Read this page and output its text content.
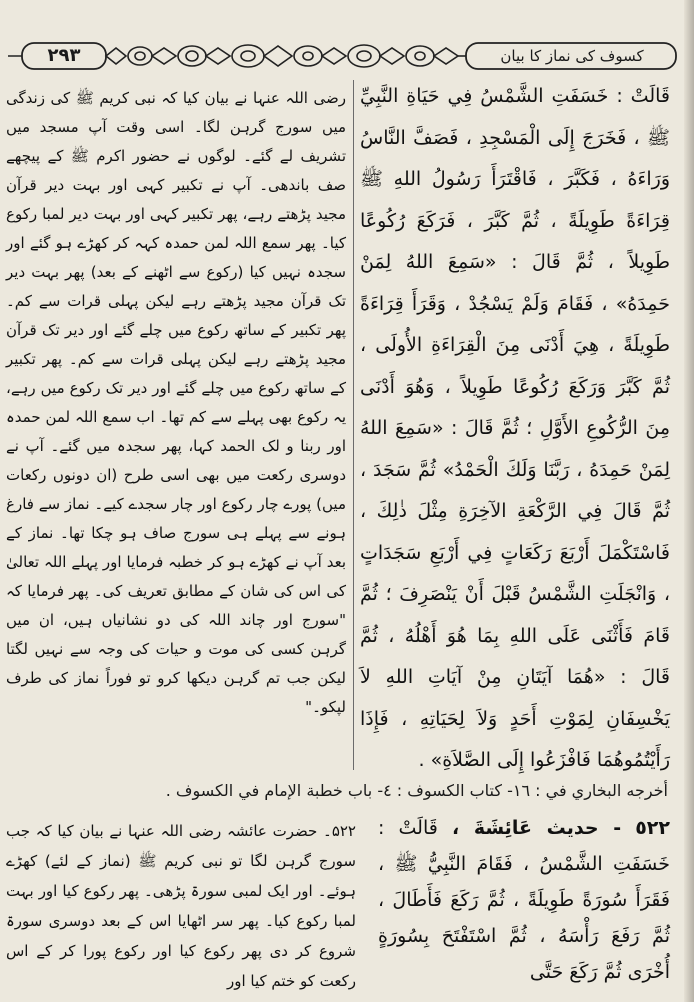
۲۹۳	کسوف کی نماز کا بیان
قَالَتْ : خَسَفَتِ الشَّمْسُ فِي حَيَاةِ النَّبِيِّ ﷺ ، فَخَرَجَ إِلَى الْمَسْجِدِ ، فَصَفَّ النَّاسُ وَرَاءَهُ ، فَكَبَّرَ ، فَاقْتَرَأَ رَسُولُ اللهِ ﷺ قِرَاءَةً طَوِيلَةً ، ثُمَّ كَبَّرَ ، فَرَكَعَ رُكُوعًا طَوِيلاً ، ثُمَّ قَالَ : «سَمِعَ اللهُ لِمَنْ حَمِدَهُ» ، فَقَامَ وَلَمْ يَسْجُدْ ، وَقَرَأَ قِرَاءَةً طَوِيلَةً ، هِيَ أَدْنَى مِنَ الْقِرَاءَةِ الأُولَى ، ثُمَّ كَبَّرَ وَرَكَعَ رُكُوعًا طَوِيلاً ، وَهُوَ أَدْنَى مِنَ الرُّكُوعِ الأَوَّلِ ؛ ثُمَّ قَالَ : «سَمِعَ اللهُ لِمَنْ حَمِدَهُ ، رَبَّنَا وَلَكَ الْحَمْدُ» ثُمَّ سَجَدَ ، ثُمَّ قَالَ فِي الرَّكْعَةِ الآخِرَةِ مِثْلَ ذٰلِكَ ، فَاسْتَكْمَلَ أَرْبَعَ رَكَعَاتٍ فِي أَرْبَعِ سَجَدَاتٍ ، وَانْجَلَتِ الشَّمْسُ قَبْلَ أَنْ يَنْصَرِفَ ؛ ثُمَّ قَامَ فَأَثْنَى عَلَى اللهِ بِمَا هُوَ أَهْلُهُ ، ثُمَّ قَالَ : «هُمَا آيَتَانِ مِنْ آيَاتِ اللهِ لاَ يَخْسِفَانِ لِمَوْتِ أَحَدٍ وَلاَ لِحَيَاتِهِ ، فَإِذَا رَأَيْتُمُوهُمَا فَافْزَعُوا إِلَى الصَّلاَةِ» .
رضی اللہ عنہا نے بیان کیا کہ نبی کریم ﷺ کی زندگی میں سورج گرہن لگا۔ اسی وقت آپ مسجد میں تشریف لے گئے۔ لوگوں نے حضور اکرم ﷺ کے پیچھے صف باندھی۔ آپ نے تکبیر کہی اور بہت دیر قرآن مجید پڑھتے رہے، پھر تکبیر کہی اور بہت دیر لمبا رکوع کیا۔ پھر سمع اللہ لمن حمدہ کہہ کر کھڑے ہو گئے اور سجدہ نہیں کیا (رکوع سے اٹھنے کے بعد) پھر بہت دیر تک قرآن مجید پڑھتے رہے لیکن پہلی قرات سے کم۔ پھر تکبیر کے ساتھ رکوع میں چلے گئے اور دیر تک قرآن مجید پڑھتے رہے لیکن پہلی قرات سے کم۔ پھر تکبیر کے ساتھ رکوع میں چلے گئے اور دیر تک رکوع میں رہے، یہ رکوع بھی پہلے سے کم تھا۔ اب سمع اللہ لمن حمدہ اور ربنا و لک الحمد کہا، پھر سجدہ میں گئے۔ آپ نے دوسری رکعت میں بھی اسی طرح (ان دونوں رکعات میں) پورے چار رکوع اور چار سجدے کیے۔ نماز سے فارغ ہونے سے پہلے ہی سورج صاف ہو چکا تھا۔ نماز کے بعد آپ نے کھڑے ہو کر خطبہ فرمایا اور پہلے اللہ تعالیٰ کی اس کی شان کے مطابق تعریف کی۔ پھر فرمایا کہ "سورج اور چاند اللہ کی دو نشانیاں ہیں، ان میں گرہن کسی کی موت و حیات کی وجہ سے نہیں لگتا لیکن جب تم گرہن دیکھا کرو تو فوراً نماز کی طرف لپکو۔"
أخرجه البخاري في : ١٦- كتاب الكسوف : ٤- باب خطبة الإمام في الكسوف .
٥٢٢ - حديث عَائِشَةَ ، قَالَتْ : خَسَفَتِ الشَّمْسُ ، فَقَامَ النَّبِيُّ ﷺ ، فَقَرَأَ سُورَةً طَوِيلَةً ، ثُمَّ رَكَعَ فَأَطَالَ ، ثُمَّ رَفَعَ رَأْسَهُ ، ثُمَّ اسْتَفْتَحَ بِسُورَةٍ أُخْرَى ثُمَّ رَكَعَ حَتَّى
۵۲۲۔ حضرت عائشہ رضی اللہ عنہا نے بیان کیا کہ جب سورج گرہن لگا تو نبی کریم ﷺ (نماز کے لئے) کھڑے ہوئے۔ اور ایک لمبی سورۃ پڑھی۔ پھر رکوع کیا اور بہت لمبا رکوع کیا۔ پھر سر اٹھایا اس کے بعد دوسری سورۃ شروع کر دی پھر رکوع کیا اور رکوع پورا کر کے اس رکعت کو ختم کیا اور
